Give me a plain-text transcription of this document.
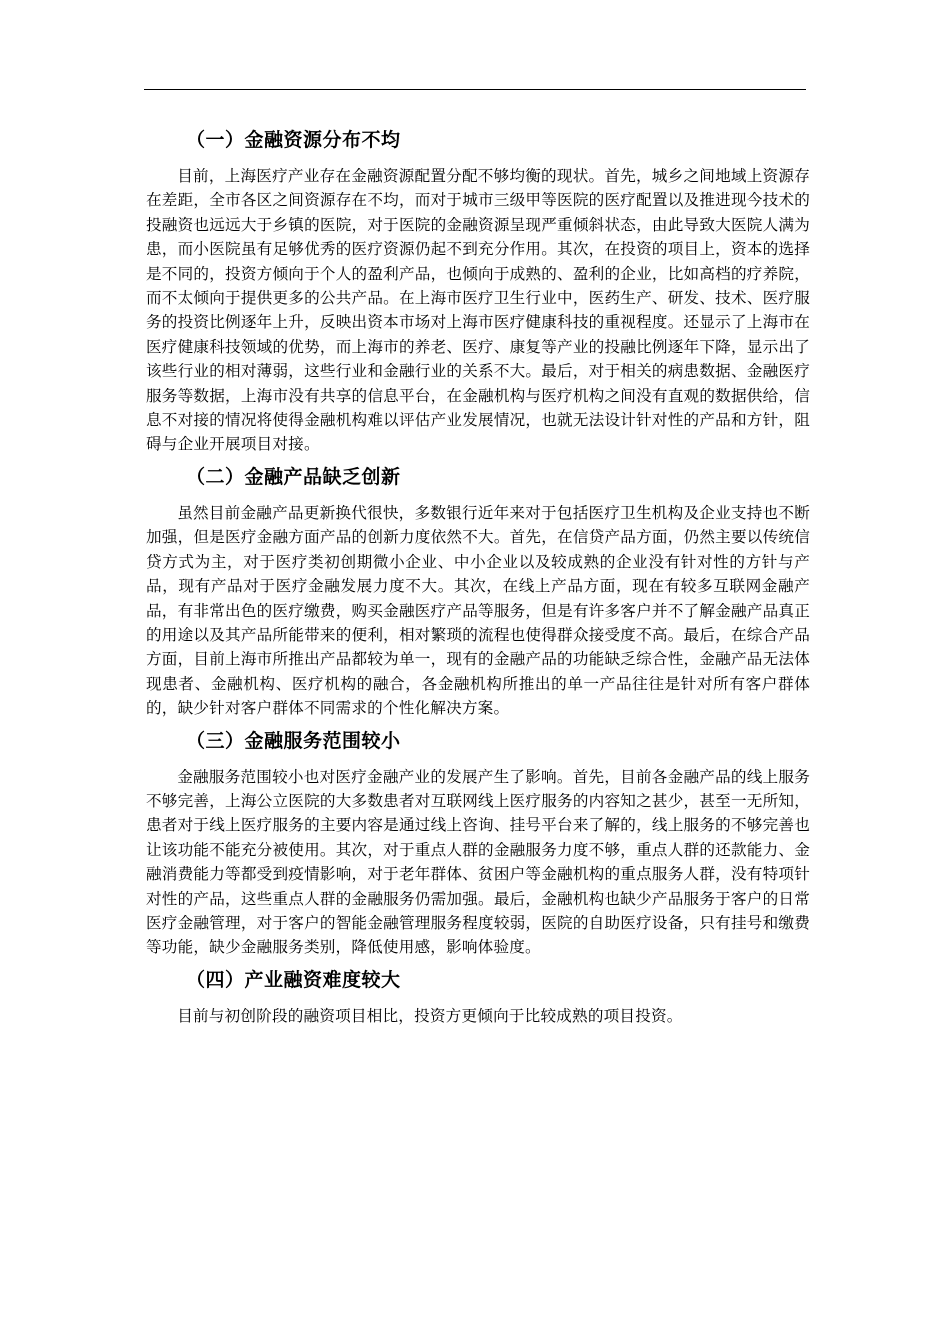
（一）金融资源分布不均

目前，上海医疗产业存在金融资源配置分配不够均衡的现状。首先，城乡之间地域上资源存在差距，全市各区之间资源存在不均，而对于城市三级甲等医院的医疗配置以及推进现今技术的投融资也远远大于乡镇的医院，对于医院的金融资源呈现严重倾斜状态，由此导致大医院人满为患，而小医院虽有足够优秀的医疗资源仍起不到充分作用。其次，在投资的项目上，资本的选择是不同的，投资方倾向于个人的盈利产品，也倾向于成熟的、盈利的企业，比如高档的疗养院，而不太倾向于提供更多的公共产品。在上海市医疗卫生行业中，医药生产、研发、技术、医疗服务的投资比例逐年上升，反映出资本市场对上海市医疗健康科技的重视程度。还显示了上海市在医疗健康科技领域的优势，而上海市的养老、医疗、康复等产业的投融比例逐年下降，显示出了该些行业的相对薄弱，这些行业和金融行业的关系不大。最后，对于相关的病患数据、金融医疗服务等数据，上海市没有共享的信息平台，在金融机构与医疗机构之间没有直观的数据供给，信息不对接的情况将使得金融机构难以评估产业发展情况，也就无法设计针对性的产品和方针，阻碍与企业开展项目对接。

（二）金融产品缺乏创新

虽然目前金融产品更新换代很快，多数银行近年来对于包括医疗卫生机构及企业支持也不断加强，但是医疗金融方面产品的创新力度依然不大。首先，在信贷产品方面，仍然主要以传统信贷方式为主，对于医疗类初创期微小企业、中小企业以及较成熟的企业没有针对性的方针与产品，现有产品对于医疗金融发展力度不大。其次，在线上产品方面，现在有较多互联网金融产品，有非常出色的医疗缴费，购买金融医疗产品等服务，但是有许多客户并不了解金融产品真正的用途以及其产品所能带来的便利，相对繁琐的流程也使得群众接受度不高。最后，在综合产品方面，目前上海市所推出产品都较为单一，现有的金融产品的功能缺乏综合性，金融产品无法体现患者、金融机构、医疗机构的融合，各金融机构所推出的单一产品往往是针对所有客户群体的，缺少针对客户群体不同需求的个性化解决方案。

（三）金融服务范围较小

金融服务范围较小也对医疗金融产业的发展产生了影响。首先，目前各金融产品的线上服务不够完善，上海公立医院的大多数患者对互联网线上医疗服务的内容知之甚少，甚至一无所知，患者对于线上医疗服务的主要内容是通过线上咨询、挂号平台来了解的，线上服务的不够完善也让该功能不能充分被使用。其次，对于重点人群的金融服务力度不够，重点人群的还款能力、金融消费能力等都受到疫情影响，对于老年群体、贫困户等金融机构的重点服务人群，没有特项针对性的产品，这些重点人群的金融服务仍需加强。最后，金融机构也缺少产品服务于客户的日常医疗金融管理，对于客户的智能金融管理服务程度较弱，医院的自助医疗设备，只有挂号和缴费等功能，缺少金融服务类别，降低使用感，影响体验度。

（四）产业融资难度较大

目前与初创阶段的融资项目相比，投资方更倾向于比较成熟的项目投资。
